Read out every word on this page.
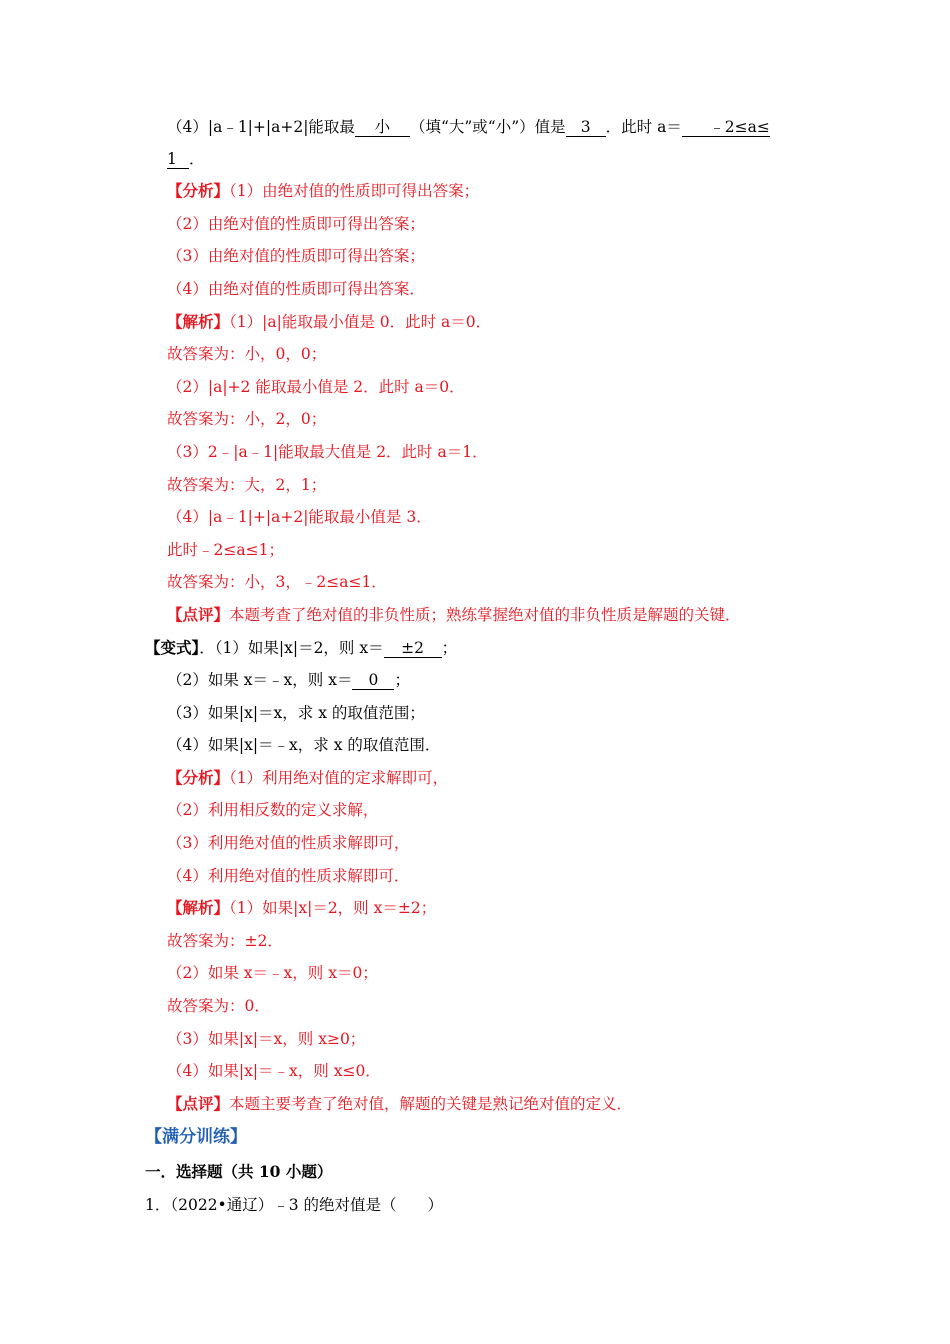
（4）|a﹣1|+|a+2|能取最 小 （填“大”或“小”）值是 3 ．此时 a＝ ﹣2≤a≤
1 ．
【分析】（1）由绝对值的性质即可得出答案；
（2）由绝对值的性质即可得出答案；
（3）由绝对值的性质即可得出答案；
（4）由绝对值的性质即可得出答案．
【解析】（1）|a|能取最小值是 0．此时 a＝0．
故答案为：小，0，0；
（2）|a|+2 能取最小值是 2．此时 a＝0．
故答案为：小，2，0；
（3）2﹣|a﹣1|能取最大值是 2．此时 a＝1．
故答案为：大，2，1；
（4）|a﹣1|+|a+2|能取最小值是 3．
此时﹣2≤a≤1；
故答案为：小，3，﹣2≤a≤1．
【点评】本题考查了绝对值的非负性质；熟练掌握绝对值的非负性质是解题的关键．
【变式】．（1）如果|x|＝2，则 x＝ ±2 ；
（2）如果 x＝﹣x，则 x＝ 0 ；
（3）如果|x|＝x，求 x 的取值范围；
（4）如果|x|＝﹣x，求 x 的取值范围．
【分析】（1）利用绝对值的定求解即可，
（2）利用相反数的定义求解，
（3）利用绝对值的性质求解即可，
（4）利用绝对值的性质求解即可．
【解析】（1）如果|x|＝2，则 x＝±2；
故答案为：±2．
（2）如果 x＝﹣x，则 x＝0；
故答案为：0．
（3）如果|x|＝x，则 x≥0；
（4）如果|x|＝﹣x，则 x≤0．
【点评】本题主要考查了绝对值，解题的关键是熟记绝对值的定义．
【满分训练】
一．选择题（共 10 小题）
1．（2022•通辽）﹣3 的绝对值是（　　）
